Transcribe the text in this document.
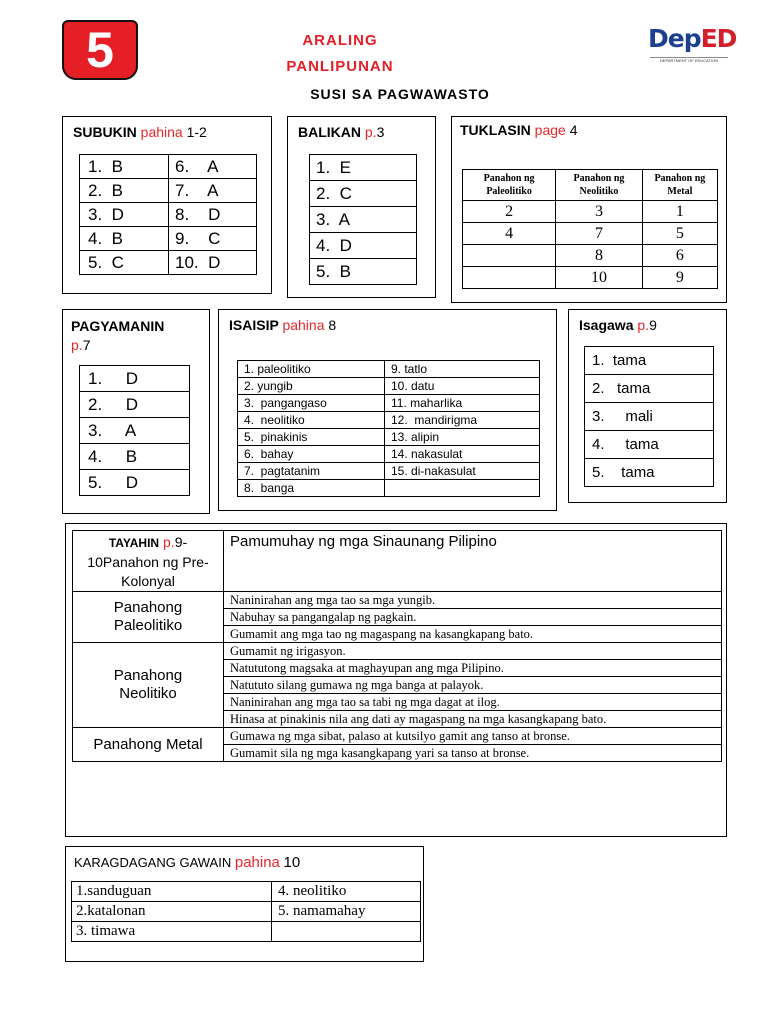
5	ARALING
PANLIPUNAN
SUSI SA PAGWAWASTO
DepED
DEPARTMENT OF EDUCATION
SUBUKIN pahina 1-2
1.  B	6.    A
2.  B	7.    A
3.  D	8.    D
4.  B	9.    C
5.  C	10.  D
BALIKAN p.3
1.  E
2.  C
3.  A
4.  D
5.  B
TUKLASIN page 4
Panahon ng Paleolitiko	Panahon ng Neolitiko	Panahon ng Metal
2	3	1
4	7	5
	8	6
	10	9
PAGYAMANIN
p.7
1.     D
2.     D
3.     A
4.     B
5.     D
ISAISIP pahina 8
1. paleolitiko	9. tatlo
2. yungib	10. datu
3.  pangangaso	11. maharlika
4.  neolitiko	12.  mandirigma
5.  pinakinis	13. alipin
6.  bahay	14. nakasulat
7.  pagtatanim	15. di-nakasulat
8.  banga	
Isagawa p.9
1.  tama
2.   tama
3.     mali
4.     tama
5.    tama
TAYAHIN p.9-
10Panahon ng Pre-Kolonyal	Pamumuhay ng mga Sinaunang Pilipino
Panahong Paleolitiko	Naninirahan ang mga tao sa mga yungib.
	Nabuhay sa pangangalap ng pagkain.
	Gumamit ang mga tao ng magaspang na kasangkapang bato.
Panahong Neolitiko	Gumamit ng irigasyon.
	Natututong magsaka at maghayupan ang mga Pilipino.
	Natututo silang gumawa ng mga banga at palayok.
	Naninirahan ang mga tao sa tabi ng mga dagat at ilog.
	Hinasa at pinakinis nila ang dati ay magaspang na mga kasangkapang bato.
Panahong Metal	Gumawa ng mga sibat, palaso at kutsilyo gamit ang tanso at bronse.
	Gumamit sila ng mga kasangkapang yari sa tanso at bronse.
KARAGDAGANG GAWAIN pahina 10
1.sanduguan	4. neolitiko
2.katalonan	5. namamahay
3. timawa	
